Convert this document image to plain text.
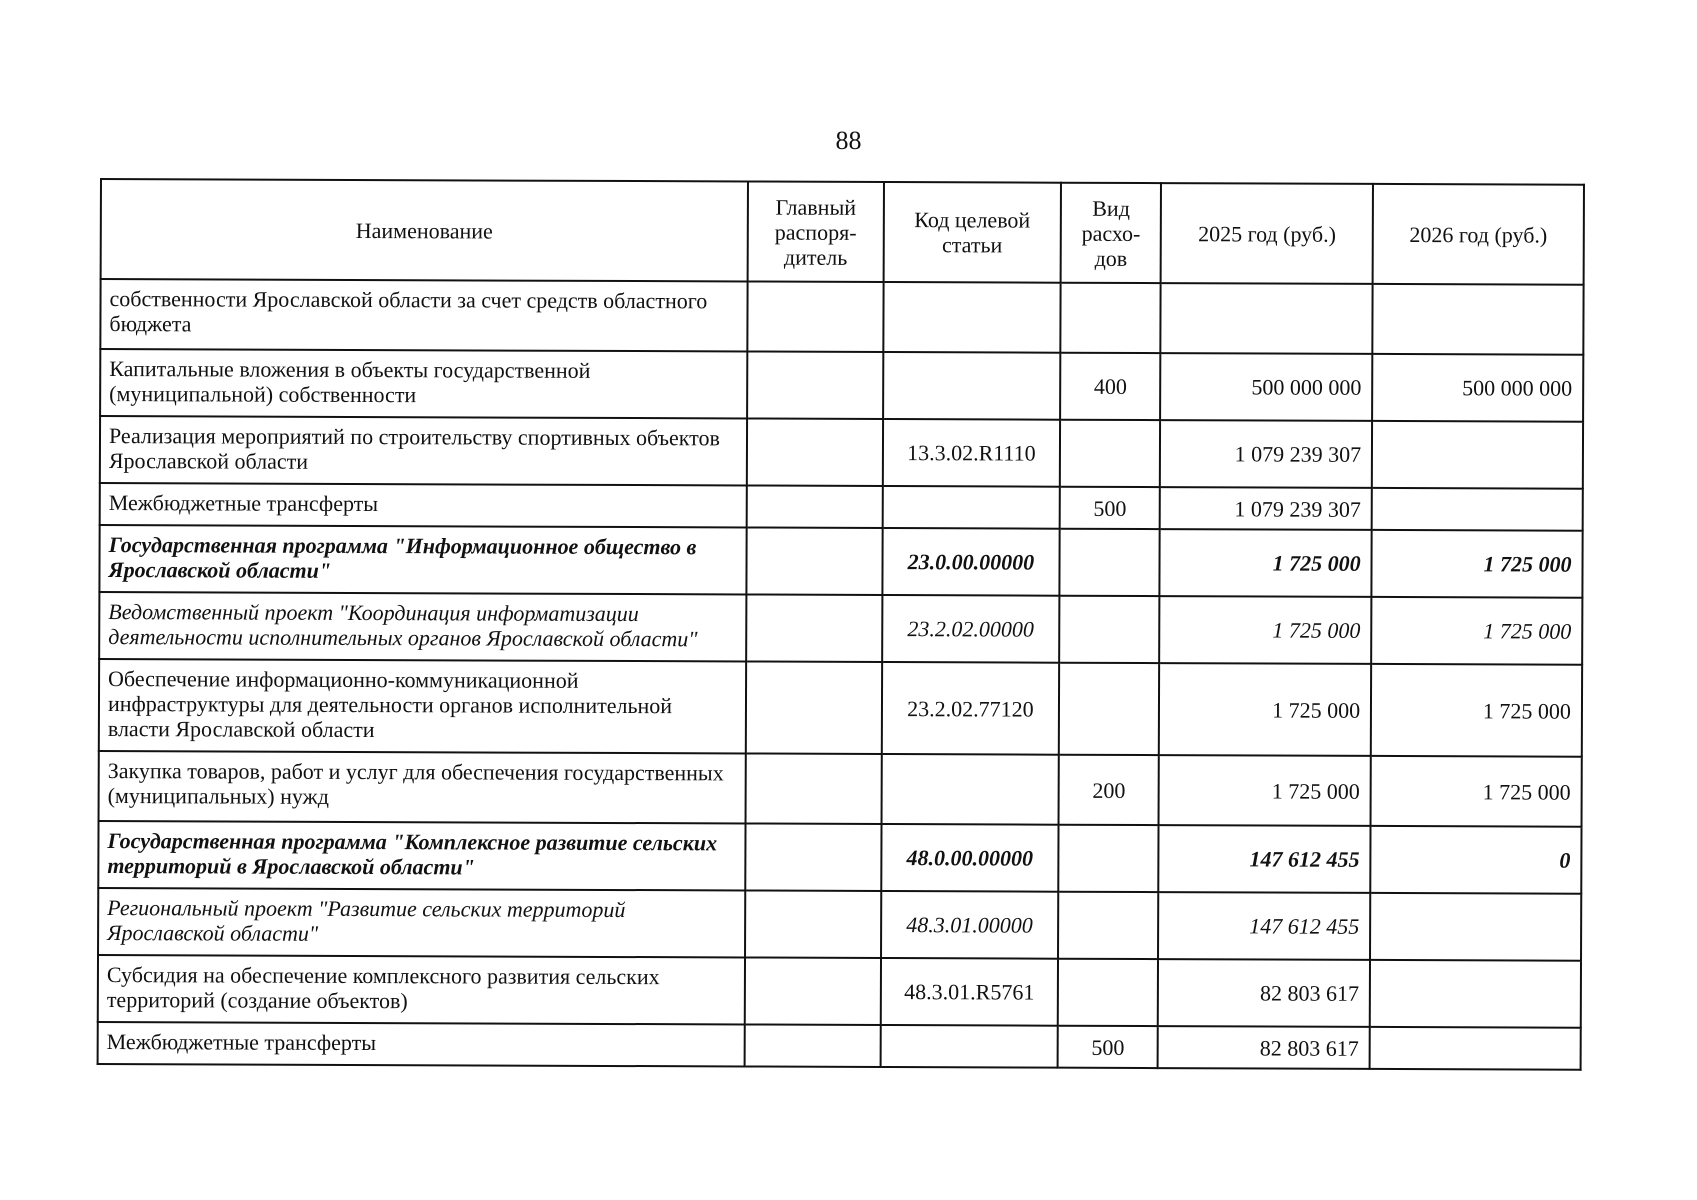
88
Наименование	Главный распоря-дитель	Код целевой статьи	Вид расхо-дов	2025 год (руб.)	2026 год (руб.)
собственности Ярославской области за счет средств областного бюджета					
Капитальные вложения в объекты государственной (муниципальной) собственности			400	500 000 000	500 000 000
Реализация мероприятий по строительству спортивных объектов Ярославской области		13.3.02.R1110		1 079 239 307	
Межбюджетные трансферты			500	1 079 239 307	
Государственная программа "Информационное общество в Ярославской области"		23.0.00.00000		1 725 000	1 725 000
Ведомственный проект "Координация информатизации деятельности исполнительных органов Ярославской области"		23.2.02.00000		1 725 000	1 725 000
Обеспечение информационно-коммуникационной инфраструктуры для деятельности органов исполнительной власти Ярославской области		23.2.02.77120		1 725 000	1 725 000
Закупка товаров, работ и услуг для обеспечения государственных (муниципальных) нужд			200	1 725 000	1 725 000
Государственная программа "Комплексное развитие сельских территорий в Ярославской области"		48.0.00.00000		147 612 455	0
Региональный проект "Развитие сельских территорий Ярославской области"		48.3.01.00000		147 612 455	
Субсидия на обеспечение комплексного развития сельских территорий (создание объектов)		48.3.01.R5761		82 803 617	
Межбюджетные трансферты			500	82 803 617	
